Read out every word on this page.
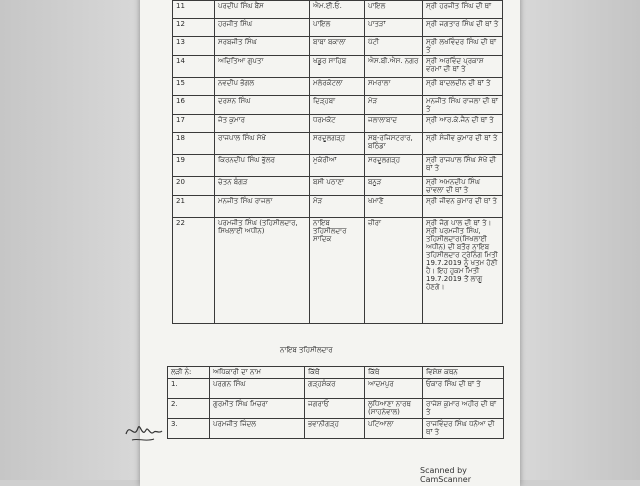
11	ਪਰਦੀਪ ਸਿੰਘ ਬੈਂਸ	ਐਮ.ਈ.ਓ.	ਪਾਇਲ	ਸ੍ਰੀ ਹਰਜੀਤ ਸਿੰਘ ਦੀ ਥਾਂ
12	ਹਰਜੀਤ ਸਿੰਘ	ਪਾਇਲ	ਪਾਤੜਾਂ	ਸ੍ਰੀ ਜਗਤਾਰ ਸਿੰਘ ਦੀ ਥਾਂ ਤੇ
13	ਸਰਬਜੀਤ ਸਿੰਘ	ਬਾਬਾ ਬਕਾਲਾ	ਪੱਟੀ	ਸ੍ਰੀ ਲਖਵਿੰਦਰ ਸਿੰਘ ਦੀ ਥਾਂ ਤੇ
14	ਅਦਿਤਿਆ ਗੁਪਤਾ	ਖਡੂਰ ਸਾਹਿਬ	ਐਸ.ਬੀ.ਐਸ. ਨਗਰ	ਸ੍ਰੀ ਅਰਵਿੰਦ ਪ੍ਰਕਾਸ਼ ਵਰਮਾਂ ਦੀ ਥਾਂ ਤੇ
15	ਨਵਦੀਪ ਭੋਗਲ	ਮਲੇਰਕੋਟਲਾ	ਸਮਰਾਲਾ	ਸ੍ਰੀ ਬਾਦਲਦੀਨ ਦੀ ਥਾਂ ਤੇ
16	ਦਰਸ਼ਨ ਸਿੰਘ	ਦਿੜ੍ਹਬਾ	ਮੋੜ	ਮਨਜੀਤ ਸਿੰਘ ਰਾਜਲਾ ਦੀ ਥਾਂ ਤੇ
17	ਜੋਤ ਕੁਮਾਰ	ਧਰਮਕੋਟ	ਜਲਾਲਾਬਾਦ	ਸ੍ਰੀ ਆਰ.ਕੇ.ਜੈਨ ਦੀ ਥਾਂ ਤੇ
18	ਰਾਜਪਾਲ ਸਿੰਘ ਸੇਖੋਂ	ਸਰਦੂਲਗੜ੍ਹ	ਸਬ-ਰਜਿਸਟਰਾਰ, ਬਠਿੰਡਾ	ਸ੍ਰੀ ਸੰਜੀਵ ਕੁਮਾਰ ਦੀ ਥਾਂ ਤੇ
19	ਕਿਰਨਦੀਪ ਸਿੰਘ ਭੁੱਲਰ	ਮੁਕੇਰੀਆਂ	ਸਰਦੂਲਗੜ੍ਹ	ਸ੍ਰੀ ਰਾਜਪਾਲ ਸਿੰਘ ਸੇਖੋਂ ਦੀ ਥਾਂ ਤੇ
20	ਚੇਤਨ ਬੰਗੜ	ਬਸੀ ਪਠਾਣਾ	ਬਨੂੜ	ਸ੍ਰੀ ਅਮਨਦੀਪ ਸਿੰਘ ਚਾਵਲਾ ਦੀ ਥਾਂ ਤੇ
21	ਮਨਜੀਤ ਸਿੰਘ ਰਾਜਲਾ	ਮੋੜ	ਖਮਾਣੋਂ	ਸ੍ਰੀ ਜੀਵਨ ਕੁਮਾਰ ਦੀ ਥਾਂ ਤੇ
22	ਪਰਮਜੀਤ ਸਿੰਘ (ਤਹਿਸੀਲਦਾਰ, ਸਿਖਲਾਈ ਅਧੀਨ)	ਨਾਇਬ ਤਹਿਸੀਲਦਾਰ ਸਾਦਿਕ	ਜ਼ੀਰਾ	ਸ੍ਰੀ ਜੋਗ ਪਾਲ ਦੀ ਥਾਂ ਤੇ। ਸ੍ਰੀ ਪਰਮਜੀਤ ਸਿੰਘ, ਤਹਿਸੀਲਦਾਰ(ਸਿਖਲਾਈ ਅਧੀਨ) ਦੀ ਬਤੌਰ ਨਾਇਬ ਤਹਿਸੀਲਦਾਰ ਟ੍ਰੇਨਿੰਗ ਮਿਤੀ 19.7.2019 ਨੂੰ ਖਤਮ ਹੋਣੀ ਹੈ। ਇਹ ਹੁਕਮ ਮਿਤੀ 19.7.2019 ਤੋਂ ਲਾਗੂ ਹੋਣਗੇ।
ਨਾਇਬ ਤਹਿਸੀਲਦਾਰ
ਲੜੀ ਨੰ:	ਅਧਿਕਾਰੀ ਦਾ ਨਾਮ	ਕਿੱਥੋਂ	ਕਿੱਥੇ	ਵਿਸ਼ੇਸ਼ ਕਥਨ
1.	ਪਰਗਨ ਸਿੰਘ	ਗੜ੍ਹਸ਼ੰਕਰ	ਆਦਮਪੁਰ	ਓਂਕਾਰ ਸਿੰਘ ਦੀ ਥਾਂ ਤੇ
2.	ਗੁਰਮੀਤ ਸਿੰਘ ਮਿਚਰਾ	ਜਗਰਾਓਂ	ਲੁਧਿਆਣਾ ਨਾਰਥ (ਸਾਹਨੇਵਾਲ)	ਰਾਜੇਸ਼ ਕੁਮਾਰ ਅਹੀਰ ਦੀ ਥਾਂ ਤੇ
3.	ਪਰਮਜੀਤ ਜਿੰਦਲ	ਭਵਾਨੀਗੜ੍ਹ	ਪਟਿਆਲਾ	ਰਾਜਵਿੰਦਰ ਸਿੰਘ ਧਨੋਆ ਦੀ ਥਾਂ ਤੇ
Scanned by CamScanner
